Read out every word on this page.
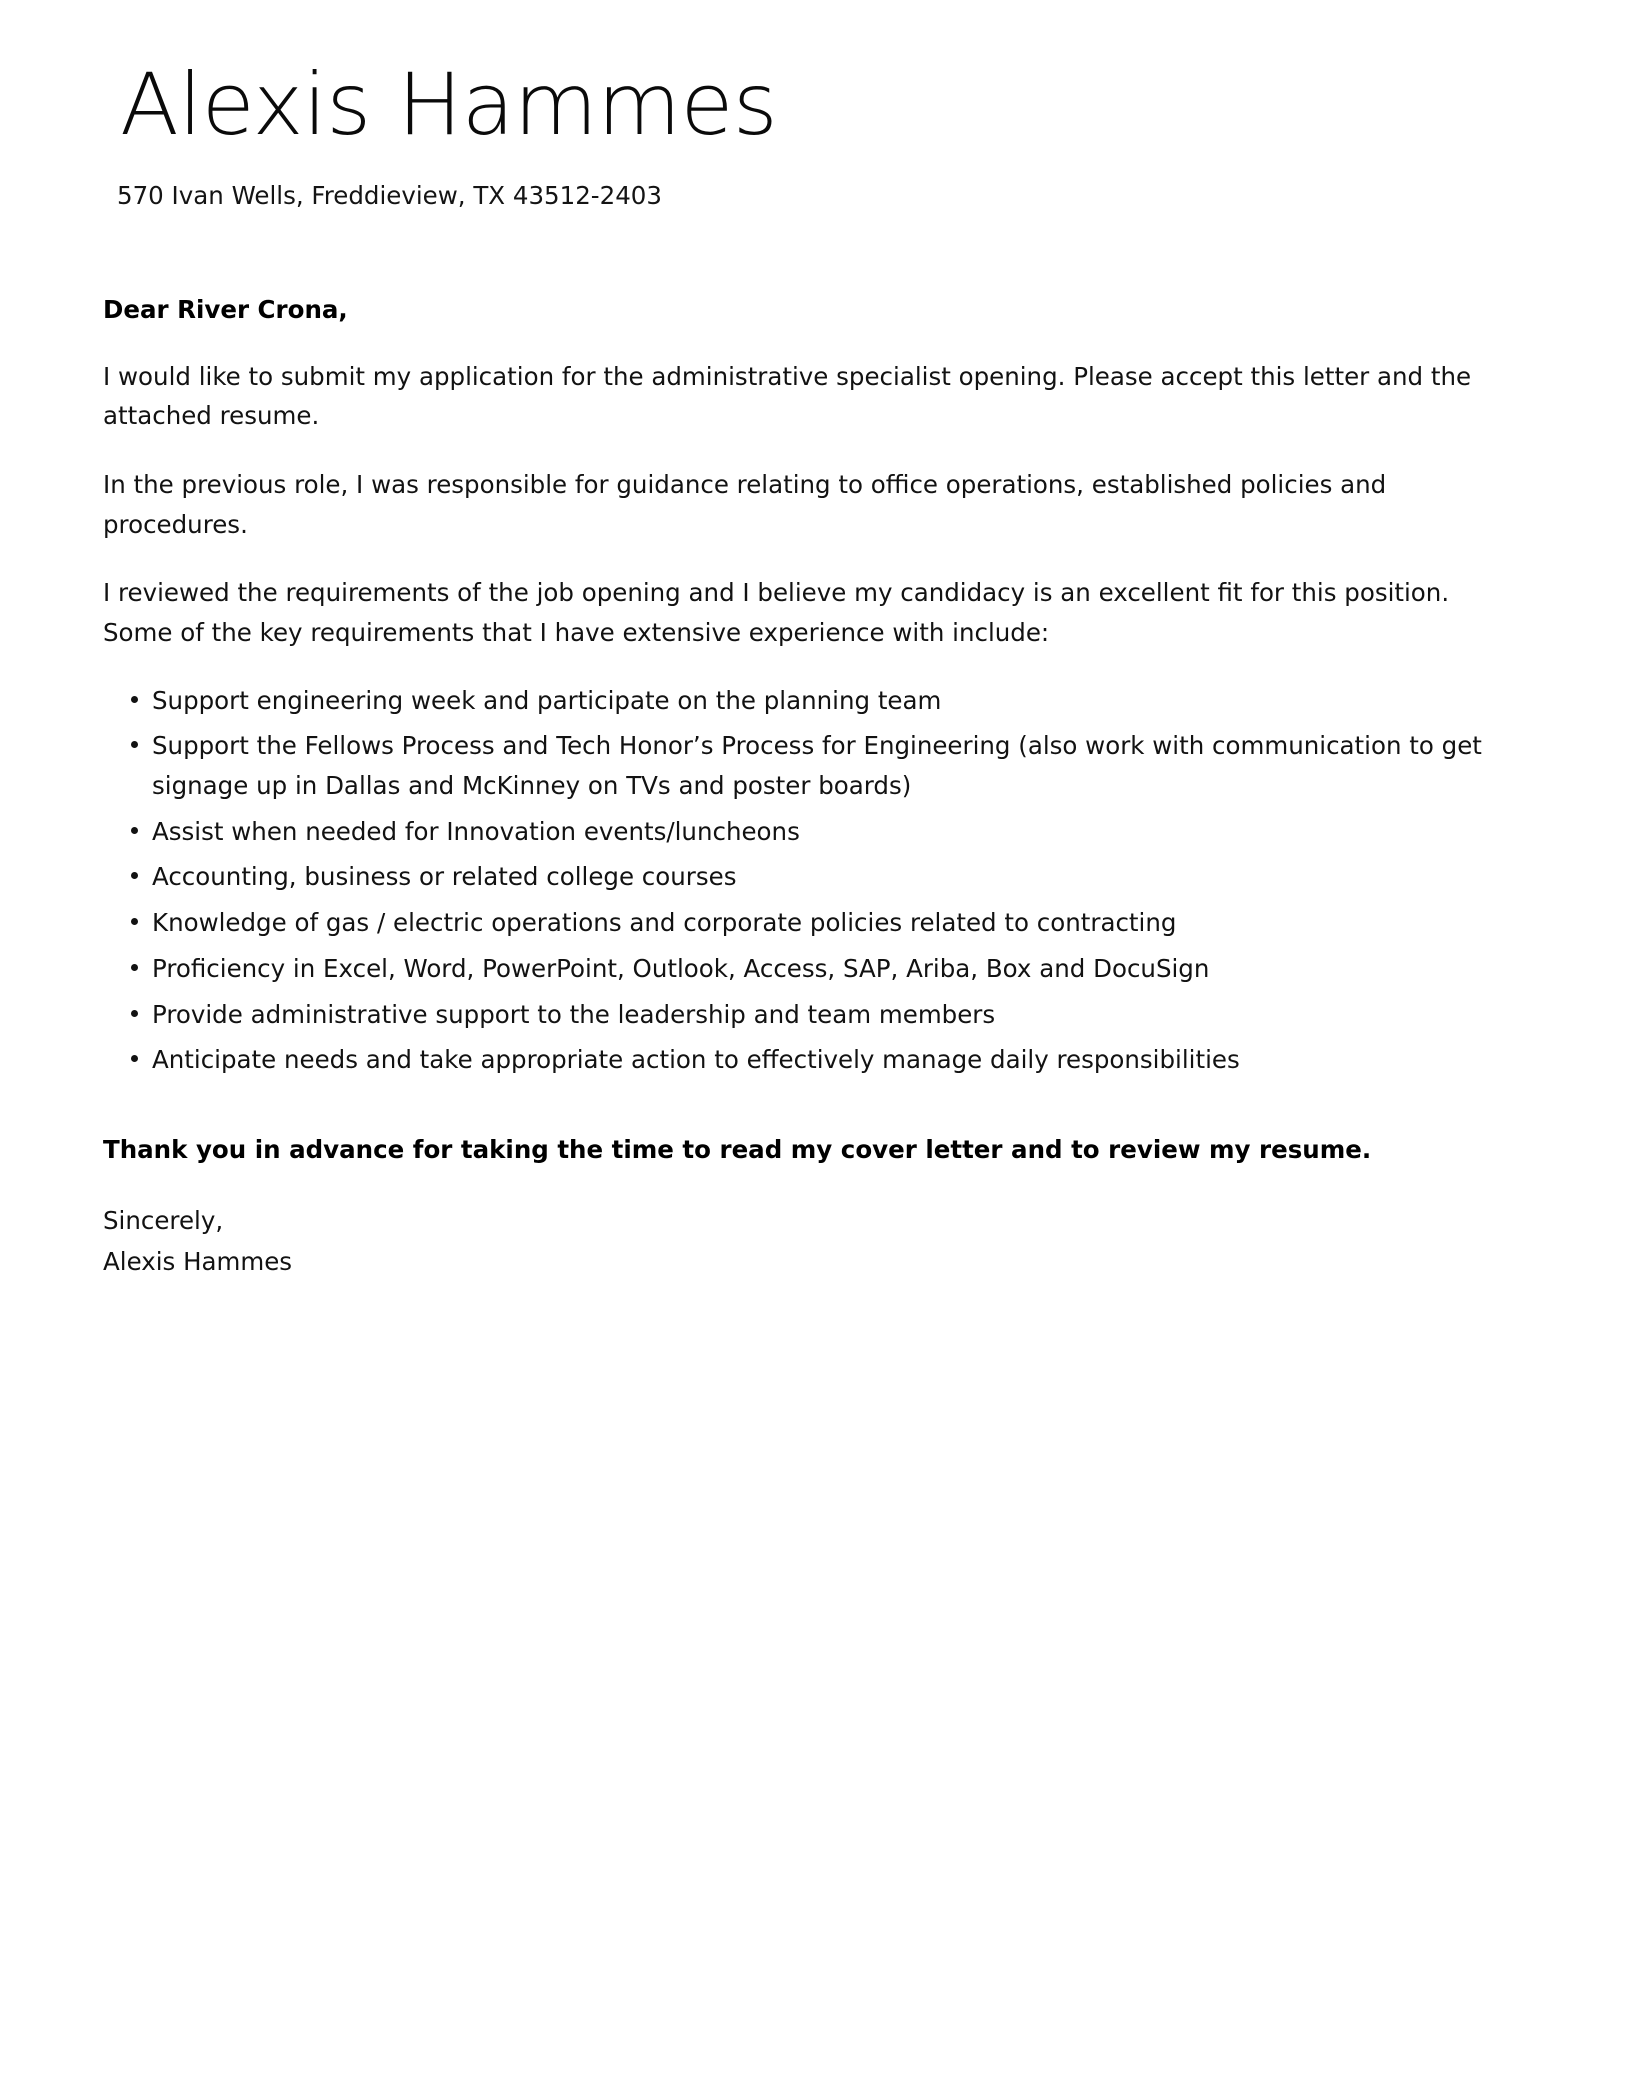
Alexis Hammes

570 Ivan Wells, Freddieview, TX 43512-2403

Dear River Crona,

I would like to submit my application for the administrative specialist opening. Please accept this letter and the attached resume.

In the previous role, I was responsible for guidance relating to office operations, established policies and procedures.

I reviewed the requirements of the job opening and I believe my candidacy is an excellent fit for this position. Some of the key requirements that I have extensive experience with include:

Support engineering week and participate on the planning team
Support the Fellows Process and Tech Honor’s Process for Engineering (also work with communication to get signage up in Dallas and McKinney on TVs and poster boards)
Assist when needed for Innovation events/luncheons
Accounting, business or related college courses
Knowledge of gas / electric operations and corporate policies related to contracting
Proficiency in Excel, Word, PowerPoint, Outlook, Access, SAP, Ariba, Box and DocuSign
Provide administrative support to the leadership and team members
Anticipate needs and take appropriate action to effectively manage daily responsibilities

Thank you in advance for taking the time to read my cover letter and to review my resume.

Sincerely,

Alexis Hammes
